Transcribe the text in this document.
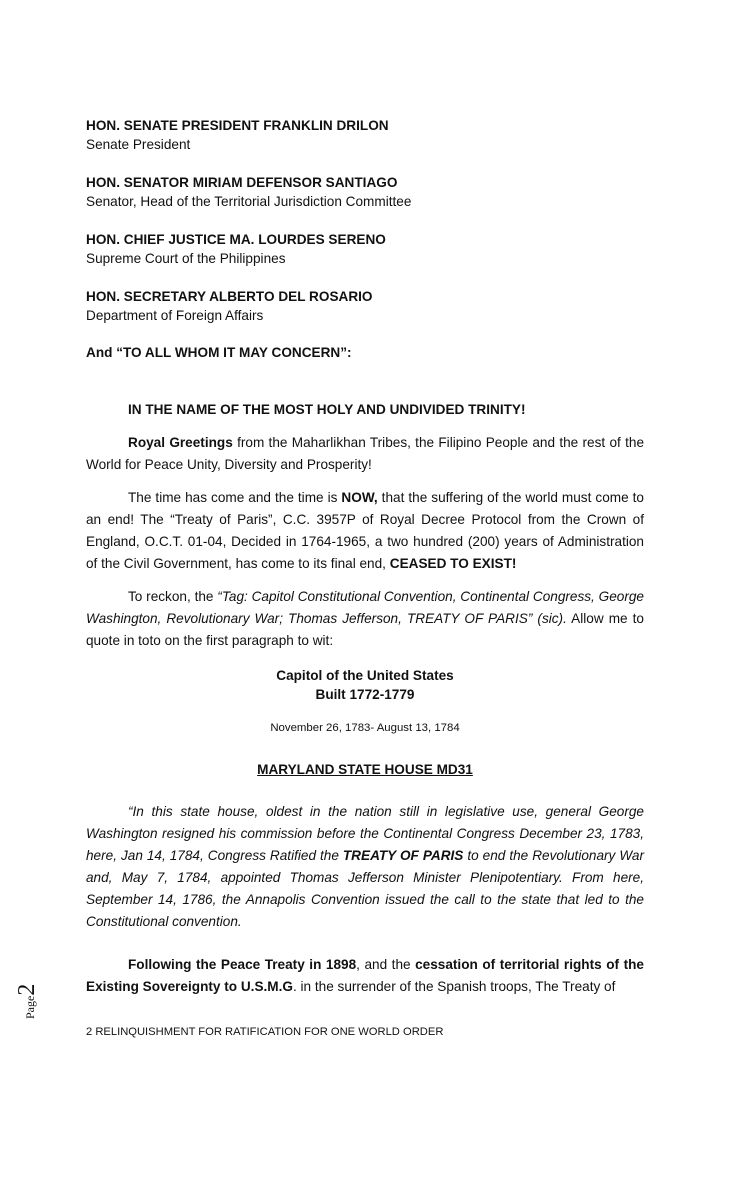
HON. SENATE PRESIDENT FRANKLIN DRILON
Senate President
HON. SENATOR MIRIAM DEFENSOR SANTIAGO
Senator, Head of the Territorial Jurisdiction Committee
HON. CHIEF JUSTICE MA. LOURDES SERENO
Supreme Court of the Philippines
HON. SECRETARY ALBERTO DEL ROSARIO
Department of Foreign Affairs
And “TO ALL WHOM IT MAY CONCERN”:
IN THE NAME OF THE MOST HOLY AND UNDIVIDED TRINITY!
Royal Greetings from the Maharlikhan Tribes, the Filipino People and the rest of the World for Peace Unity, Diversity and Prosperity!
The time has come and the time is NOW, that the suffering of the world must come to an end! The “Treaty of Paris”, C.C. 3957P of Royal Decree Protocol from the Crown of England, O.C.T. 01-04, Decided in 1764-1965, a two hundred (200) years of Administration of the Civil Government, has come to its final end, CEASED TO EXIST!
To reckon, the “Tag: Capitol Constitutional Convention, Continental Congress, George Washington, Revolutionary War; Thomas Jefferson, TREATY OF PARIS” (sic). Allow me to quote in toto on the first paragraph to wit:
Capitol of the United States
Built 1772-1779
November 26, 1783- August 13, 1784
MARYLAND STATE HOUSE MD31
“In this state house, oldest in the nation still in legislative use, general George Washington resigned his commission before the Continental Congress December 23, 1783, here, Jan 14, 1784, Congress Ratified the TREATY OF PARIS to end the Revolutionary War and, May 7, 1784, appointed Thomas Jefferson Minister Plenipotentiary. From here, September 14, 1786, the Annapolis Convention issued the call to the state that led to the Constitutional convention.
Following the Peace Treaty in 1898, and the cessation of territorial rights of the Existing Sovereignty to U.S.M.G. in the surrender of the Spanish troops, The Treaty of
Page2
2 RELINQUISHMENT FOR RATIFICATION FOR ONE WORLD ORDER
